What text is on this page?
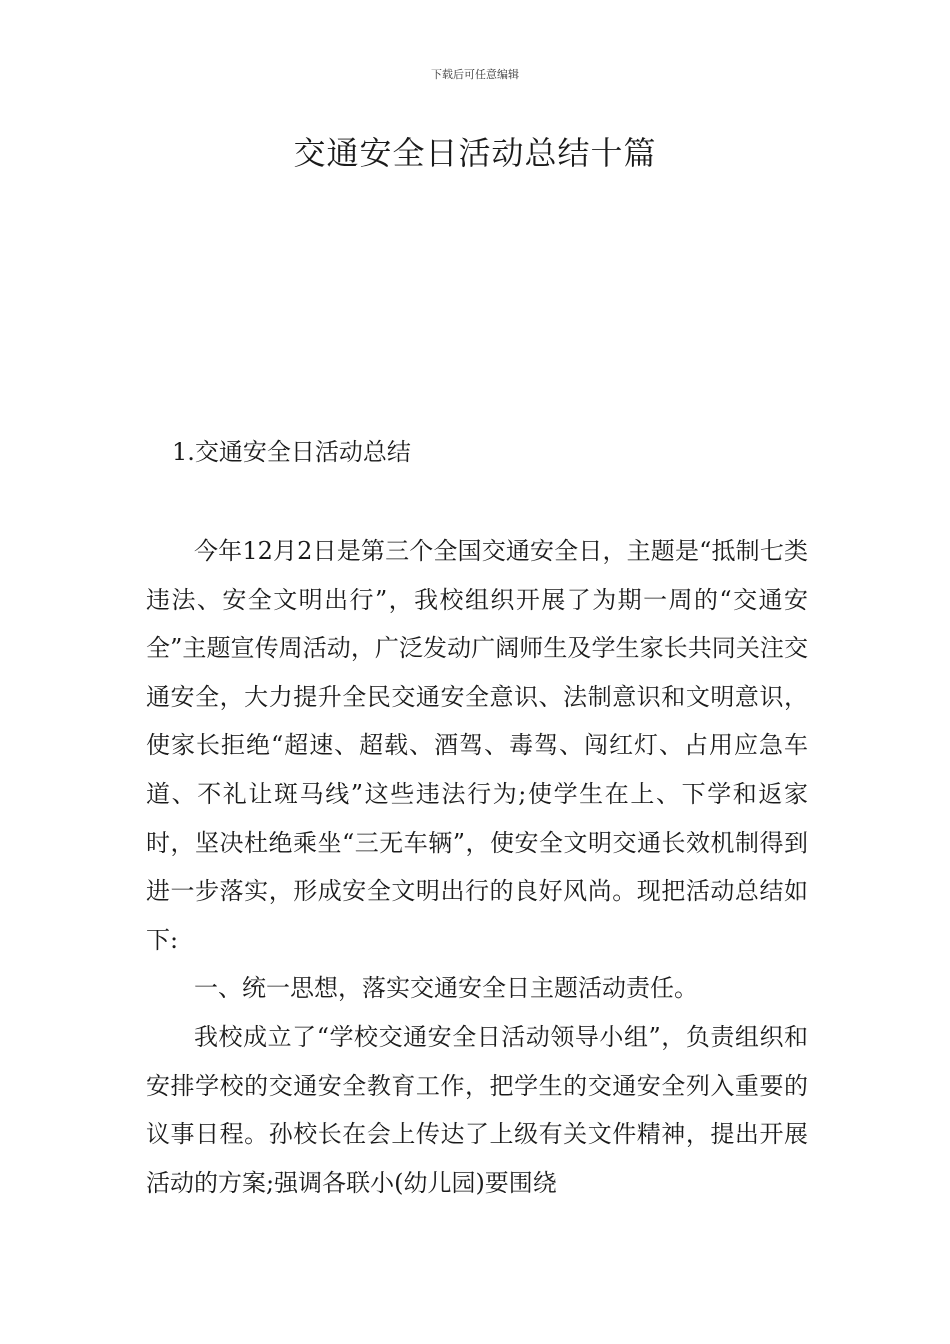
下载后可任意编辑
交通安全日活动总结十篇
1.交通安全日活动总结

今年12月2日是第三个全国交通安全日，主题是“抵制七类违法、安全文明出行”，我校组织开展了为期一周的“交通安全”主题宣传周活动，广泛发动广阔师生及学生家长共同关注交通安全，大力提升全民交通安全意识、法制意识和文明意识，使家长拒绝“超速、超载、酒驾、毒驾、闯红灯、占用应急车道、不礼让斑马线”这些违法行为;使学生在上、下学和返家时，坚决杜绝乘坐“三无车辆”，使安全文明交通长效机制得到进一步落实，形成安全文明出行的良好风尚。现把活动总结如下:

一、统一思想，落实交通安全日主题活动责任。

我校成立了“学校交通安全日活动领导小组”，负责组织和安排学校的交通安全教育工作，把学生的交通安全列入重要的议事日程。孙校长在会上传达了上级有关文件精神，提出开展活动的方案;强调各联小(幼儿园)要围绕
